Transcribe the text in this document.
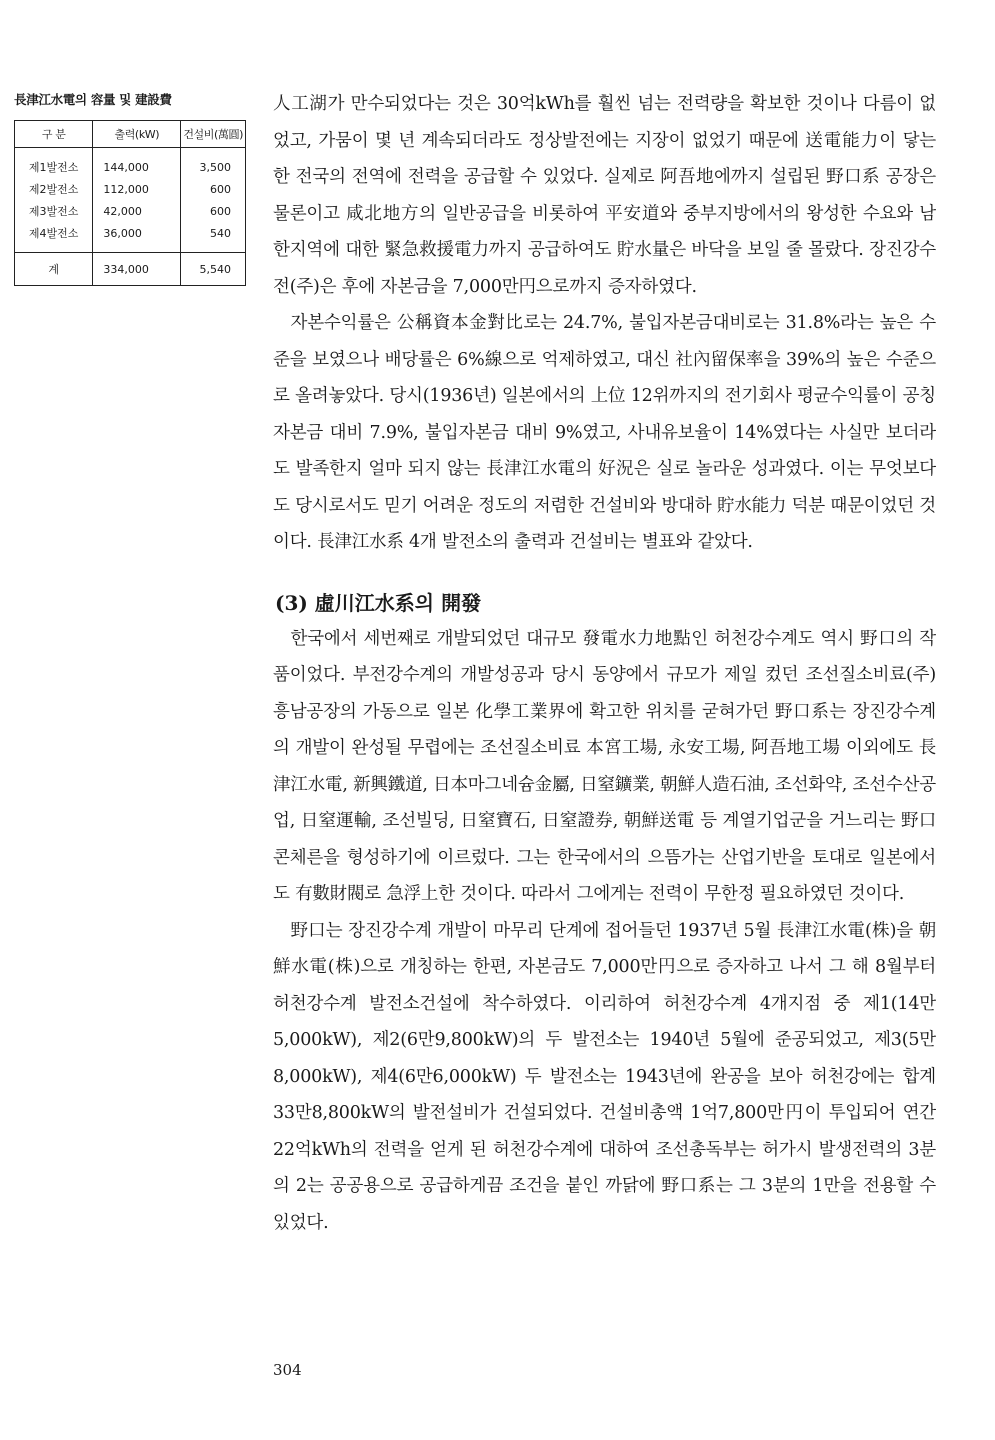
長津江水電의 容量 및 建設費
구 분	출력(kW)	건설비(萬圓)
제1발전소	144,000	3,500
제2발전소	112,000	600
제3발전소	42,000	600
제4발전소	36,000	540
계	334,000	5,540

人工湖가 만수되었다는 것은 30억kWh를 훨씬 넘는 전력량을 확보한 것이나 다름이 없었고, 가뭄이 몇 년 계속되더라도 정상발전에는 지장이 없었기 때문에 送電能力이 닿는 한 전국의 전역에 전력을 공급할 수 있었다. 실제로 阿吾地에까지 설립된 野口系 공장은 물론이고 咸北地方의 일반공급을 비롯하여 平安道와 중부지방에서의 왕성한 수요와 남한지역에 대한 緊急救援電力까지 공급하여도 貯水量은 바닥을 보일 줄 몰랐다. 장진강수전(주)은 후에 자본금을 7,000만円으로까지 증자하였다.

자본수익률은 公稱資本金對比로는 24.7%, 불입자본금대비로는 31.8%라는 높은 수준을 보였으나 배당률은 6%線으로 억제하였고, 대신 社內留保率을 39%의 높은 수준으로 올려놓았다. 당시(1936년) 일본에서의 上位 12위까지의 전기회사 평균수익률이 공칭자본금 대비 7.9%, 불입자본금 대비 9%였고, 사내유보율이 14%였다는 사실만 보더라도 발족한지 얼마 되지 않는 長津江水電의 好況은 실로 놀라운 성과였다. 이는 무엇보다도 당시로서도 믿기 어려운 정도의 저렴한 건설비와 방대하 貯水能力 덕분 때문이었던 것이다. 長津江水系 4개 발전소의 출력과 건설비는 별표와 같았다.

(3) 虛川江水系의 開發

한국에서 세번째로 개발되었던 대규모 發電水力地點인 허천강수계도 역시 野口의 작품이었다. 부전강수계의 개발성공과 당시 동양에서 규모가 제일 컸던 조선질소비료(주) 흥남공장의 가동으로 일본 化學工業界에 확고한 위치를 굳혀가던 野口系는 장진강수계의 개발이 완성될 무렵에는 조선질소비료 本宮工場, 永安工場, 阿吾地工場 이외에도 長津江水電, 新興鐵道, 日本마그네슘金屬, 日窒鑛業, 朝鮮人造石油, 조선화약, 조선수산공업, 日窒運輸, 조선빌딩, 日窒寶石, 日窒證券, 朝鮮送電 등 계열기업군을 거느리는 野口콘체른을 형성하기에 이르렀다. 그는 한국에서의 으뜸가는 산업기반을 토대로 일본에서도 有數財閥로 急浮上한 것이다. 따라서 그에게는 전력이 무한정 필요하였던 것이다.

野口는 장진강수계 개발이 마무리 단계에 접어들던 1937년 5월 長津江水電(株)을 朝鮮水電(株)으로 개칭하는 한편, 자본금도 7,000만円으로 증자하고 나서 그 해 8월부터 허천강수계 발전소건설에 착수하였다. 이리하여 허천강수계 4개지점 중 제1(14만5,000kW), 제2(6만9,800kW)의 두 발전소는 1940년 5월에 준공되었고, 제3(5만8,000kW), 제4(6만6,000kW) 두 발전소는 1943년에 완공을 보아 허천강에는 합계 33만8,800kW의 발전설비가 건설되었다. 건설비총액 1억7,800만円이 투입되어 연간 22억kWh의 전력을 얻게 된 허천강수계에 대하여 조선총독부는 허가시 발생전력의 3분의 2는 공공용으로 공급하게끔 조건을 붙인 까닭에 野口系는 그 3분의 1만을 전용할 수 있었다.

304
